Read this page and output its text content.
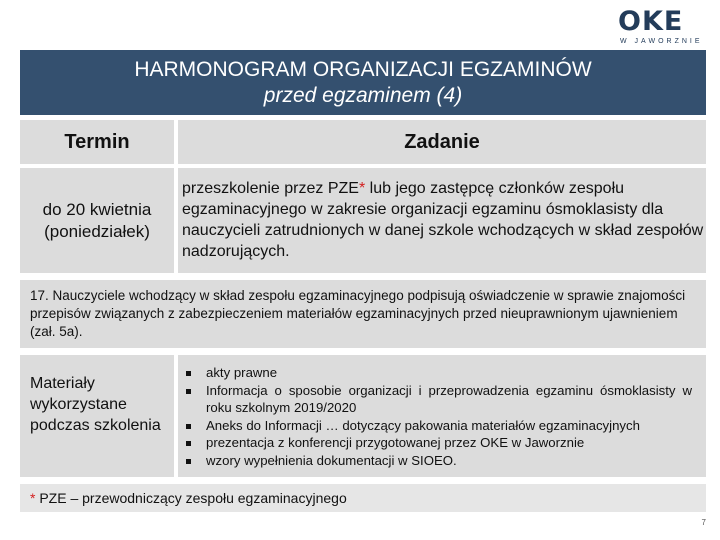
OKE
W JAWORZNIE
HARMONOGRAM ORGANIZACJI EGZAMINÓW
przed egzaminem (4)
Termin	Zadanie
do 20 kwietnia
(poniedziałek)
przeszkolenie przez PZE* lub jego zastępcę członków zespołu egzaminacyjnego w zakresie organizacji egzaminu ósmoklasisty dla nauczycieli zatrudnionych w danej szkole wchodzących w skład zespołów nadzorujących.
17. Nauczyciele wchodzący w skład zespołu egzaminacyjnego podpisują oświadczenie w sprawie znajomości przepisów związanych z zabezpieczeniem materiałów egzaminacyjnych przed nieuprawnionym ujawnieniem (zał. 5a).
Materiały wykorzystane podczas szkolenia
akty prawne
Informacja o sposobie organizacji i przeprowadzenia egzaminu ósmoklasisty w roku szkolnym 2019/2020
Aneks do Informacji … dotyczący pakowania materiałów egzaminacyjnych
prezentacja z konferencji przygotowanej przez OKE w Jaworznie
wzory wypełnienia dokumentacji w SIOEO.
* PZE – przewodniczący zespołu egzaminacyjnego
7
